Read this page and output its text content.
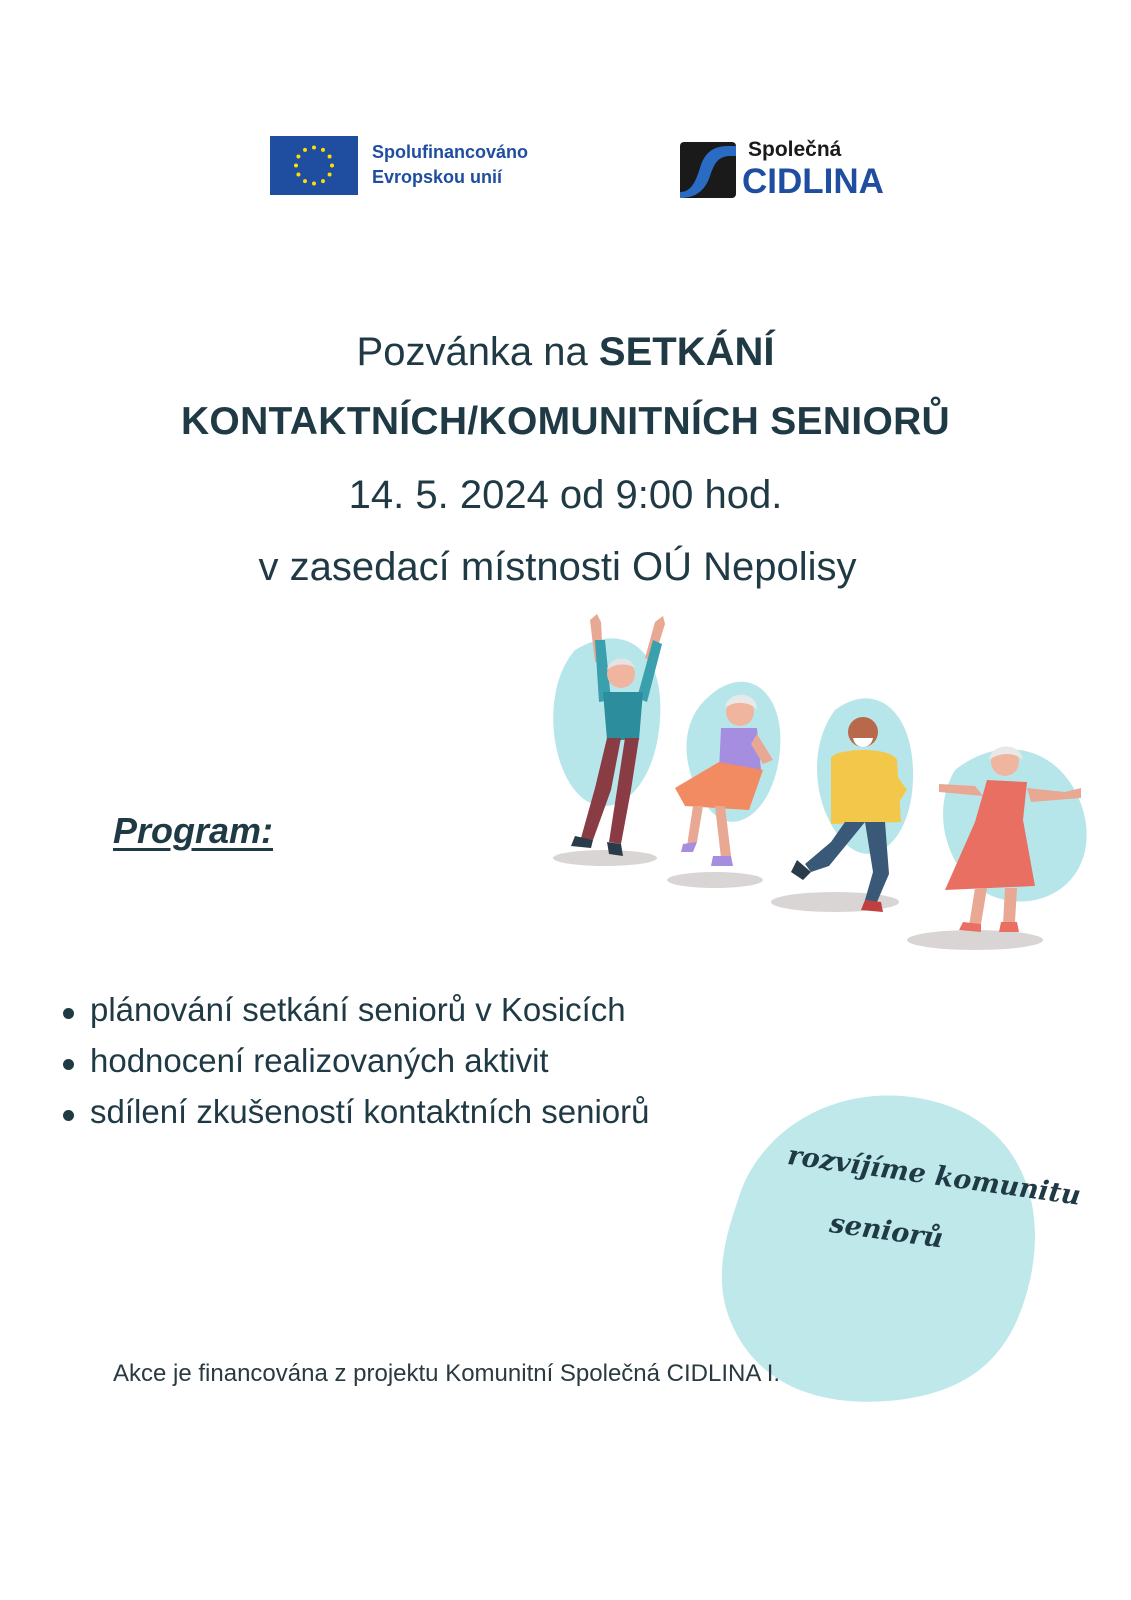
Spolufinancováno
Evropskou unií
Společná
CIDLINA
Pozvánka na SETKÁNÍ
KONTAKTNÍCH/KOMUNITNÍCH SENIORŮ
14. 5. 2024 od 9:00 hod.
v zasedací místnosti OÚ Nepolisy
Program:
plánování setkání seniorů v Kosicích
hodnocení realizovaných aktivit
sdílení zkušeností kontaktních seniorů
rozvíjíme komunitu
seniorů
Akce je financována z projektu Komunitní Společná CIDLINA I.
